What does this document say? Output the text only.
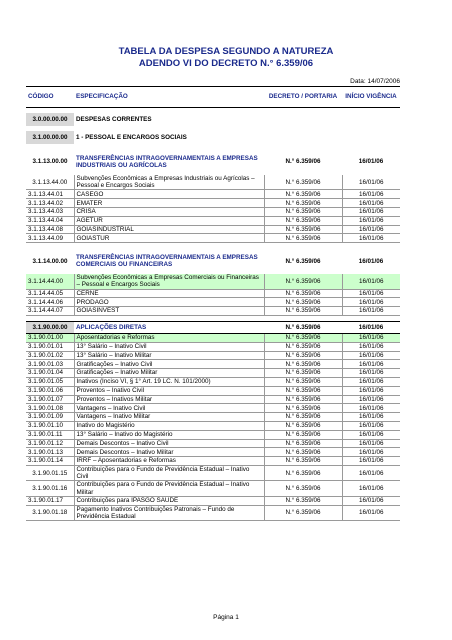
TABELA DA DESPESA SEGUNDO A NATUREZA
ADENDO VI DO DECRETO N.° 6.359/06
Data: 14/07/2006
CÓDIGO	ESPECIFICAÇÃO	DECRETO / PORTARIA	INÍCIO VIGÊNCIA

3.0.00.00.00	DESPESAS CORRENTES		

3.1.00.00.00	1 - PESSOAL E ENCARGOS SOCIAIS		

3.1.13.00.00	TRANSFERÊNCIAS INTRAGOVERNAMENTAIS A EMPRESAS INDUSTRIAIS OU AGRÍCOLAS	N.° 6.359/06	16/01/06
3.1.13.44.00	Subvenções Econômicas a Empresas Industriais ou Agrícolas – Pessoal e Encargos Sociais	N.° 6.359/06	16/01/06
3.1.13.44.01	CASEGO	N.° 6.359/06	16/01/06
3.1.13.44.02	EMATER	N.° 6.359/06	16/01/06
3.1.13.44.03	CRISA	N.° 6.359/06	16/01/06
3.1.13.44.04	AGETUR	N.° 6.359/06	16/01/06
3.1.13.44.08	GOIASINDUSTRIAL	N.° 6.359/06	16/01/06
3.1.13.44.09	GOIASTUR	N.° 6.359/06	16/01/06

3.1.14.00.00	TRANSFERÊNCIAS INTRAGOVERNAMENTAIS A EMPRESAS COMERCIAIS OU FINANCEIRAS	N.° 6.359/06	16/01/06
3.1.14.44.00	Subvenções Econômicas a Empresas Comerciais ou Financeiras – Pessoal e Encargos Sociais	N.° 6.359/06	16/01/06
3.1.14.44.05	CERNE	N.° 6.359/06	16/01/06
3.1.14.44.06	PRODAGO	N.° 6.359/06	16/01/06
3.1.14.44.07	GOIASINVEST	N.° 6.359/06	16/01/06

3.1.90.00.00	APLICAÇÕES DIRETAS	N.° 6.359/06	16/01/06
3.1.90.01.00	Aposentadorias e Reformas	N.° 6.359/06	16/01/06
3.1.90.01.01	13° Salário – Inativo Civil	N.° 6.359/06	16/01/06
3.1.90.01.02	13° Salário – Inativo Militar	N.° 6.359/06	16/01/06
3.1.90.01.03	Gratificações – Inativo Civil	N.° 6.359/06	16/01/06
3.1.90.01.04	Gratificações – Inativo Militar	N.° 6.359/06	16/01/06
3.1.90.01.05	Inativos (Inciso VI, § 1° Art. 19 LC. N. 101/2000)	N.° 6.359/06	16/01/06
3.1.90.01.06	Proventos – Inativo Civil	N.° 6.359/06	16/01/06
3.1.90.01.07	Proventos – Inativos Militar	N.° 6.359/06	16/01/06
3.1.90.01.08	Vantagens – Inativo Civil	N.° 6.359/06	16/01/06
3.1.90.01.09	Vantagens – Inativo Militar	N.° 6.359/06	16/01/06
3.1.90.01.10	Inativo do Magistério	N.° 6.359/06	16/01/06
3.1.90.01.11	13° Salário – Inativo do Magistério	N.° 6.359/06	16/01/06
3.1.90.01.12	Demais Descontos – Inativo Civil	N.° 6.359/06	16/01/06
3.1.90.01.13	Demais Descontos – Inativo Militar	N.° 6.359/06	16/01/06
3.1.90.01.14	IRRF – Aposentadorias e Reformas	N.° 6.359/06	16/01/06
3.1.90.01.15	Contribuições para o Fundo de Previdência Estadual – Inativo Civil	N.° 6.359/06	16/01/06
3.1.90.01.16	Contribuições para o Fundo de Previdência Estadual – Inativo Militar	N.° 6.359/06	16/01/06
3.1.90.01.17	Contribuições para IPASGO SAÚDE	N.° 6.359/06	16/01/06
3.1.90.01.18	Pagamento Inativos Contribuições Patronais – Fundo de Previdência Estadual	N.° 6.359/06	16/01/06
Página 1
